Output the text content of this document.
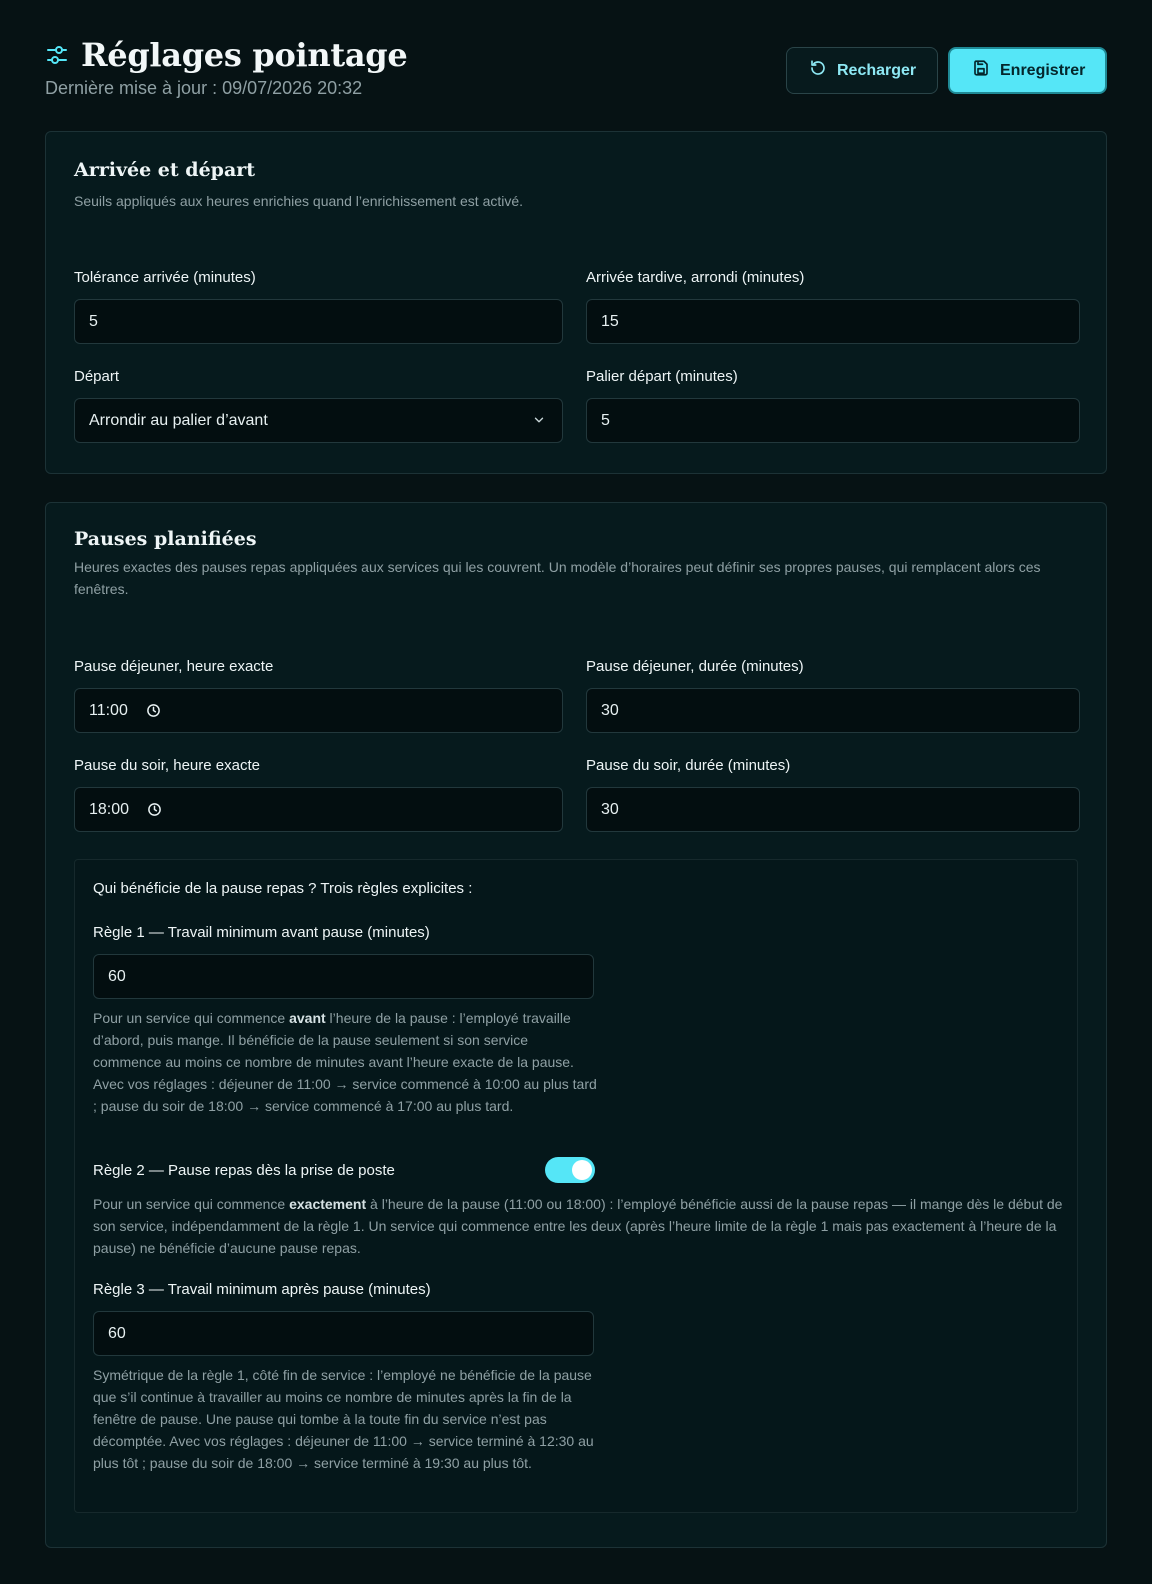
Réglages pointage
Dernière mise à jour : 09/07/2026 20:32
Recharger	Enregistrer
Arrivée et départ

Seuils appliqués aux heures enrichies quand l’enrichissement est activé.

Tolérance arrivée (minutes)
5
Arrivée tardive, arrondi (minutes)
15
Départ
Arrondir au palier d’avant
Palier départ (minutes)
5
Pauses planifiées

Heures exactes des pauses repas appliquées aux services qui les couvrent. Un modèle d’horaires peut définir ses propres pauses, qui remplacent alors ces fenêtres.

Pause déjeuner, heure exacte
11:00
Pause déjeuner, durée (minutes)
30
Pause du soir, heure exacte
18:00
Pause du soir, durée (minutes)
30
Qui bénéficie de la pause repas ? Trois règles explicites :
Règle 1 — Travail minimum avant pause (minutes)
60

Pour un service qui commence avant l’heure de la pause : l’employé travaille d’abord, puis mange. Il bénéficie de la pause seulement si son service commence au moins ce nombre de minutes avant l’heure exacte de la pause. Avec vos réglages : déjeuner de 11:00 → service commencé à 10:00 au plus tard ; pause du soir de 18:00 → service commencé à 17:00 au plus tard.

Règle 2 — Pause repas dès la prise de poste

Pour un service qui commence exactement à l’heure de la pause (11:00 ou 18:00) : l’employé bénéficie aussi de la pause repas — il mange dès le début de son service, indépendamment de la règle 1. Un service qui commence entre les deux (après l’heure limite de la règle 1 mais pas exactement à l’heure de la pause) ne bénéficie d’aucune pause repas.

Règle 3 — Travail minimum après pause (minutes)
60

Symétrique de la règle 1, côté fin de service : l’employé ne bénéficie de la pause que s’il continue à travailler au moins ce nombre de minutes après la fin de la fenêtre de pause. Une pause qui tombe à la toute fin du service n’est pas décomptée. Avec vos réglages : déjeuner de 11:00 → service terminé à 12:30 au plus tôt ; pause du soir de 18:00 → service terminé à 19:30 au plus tôt.
